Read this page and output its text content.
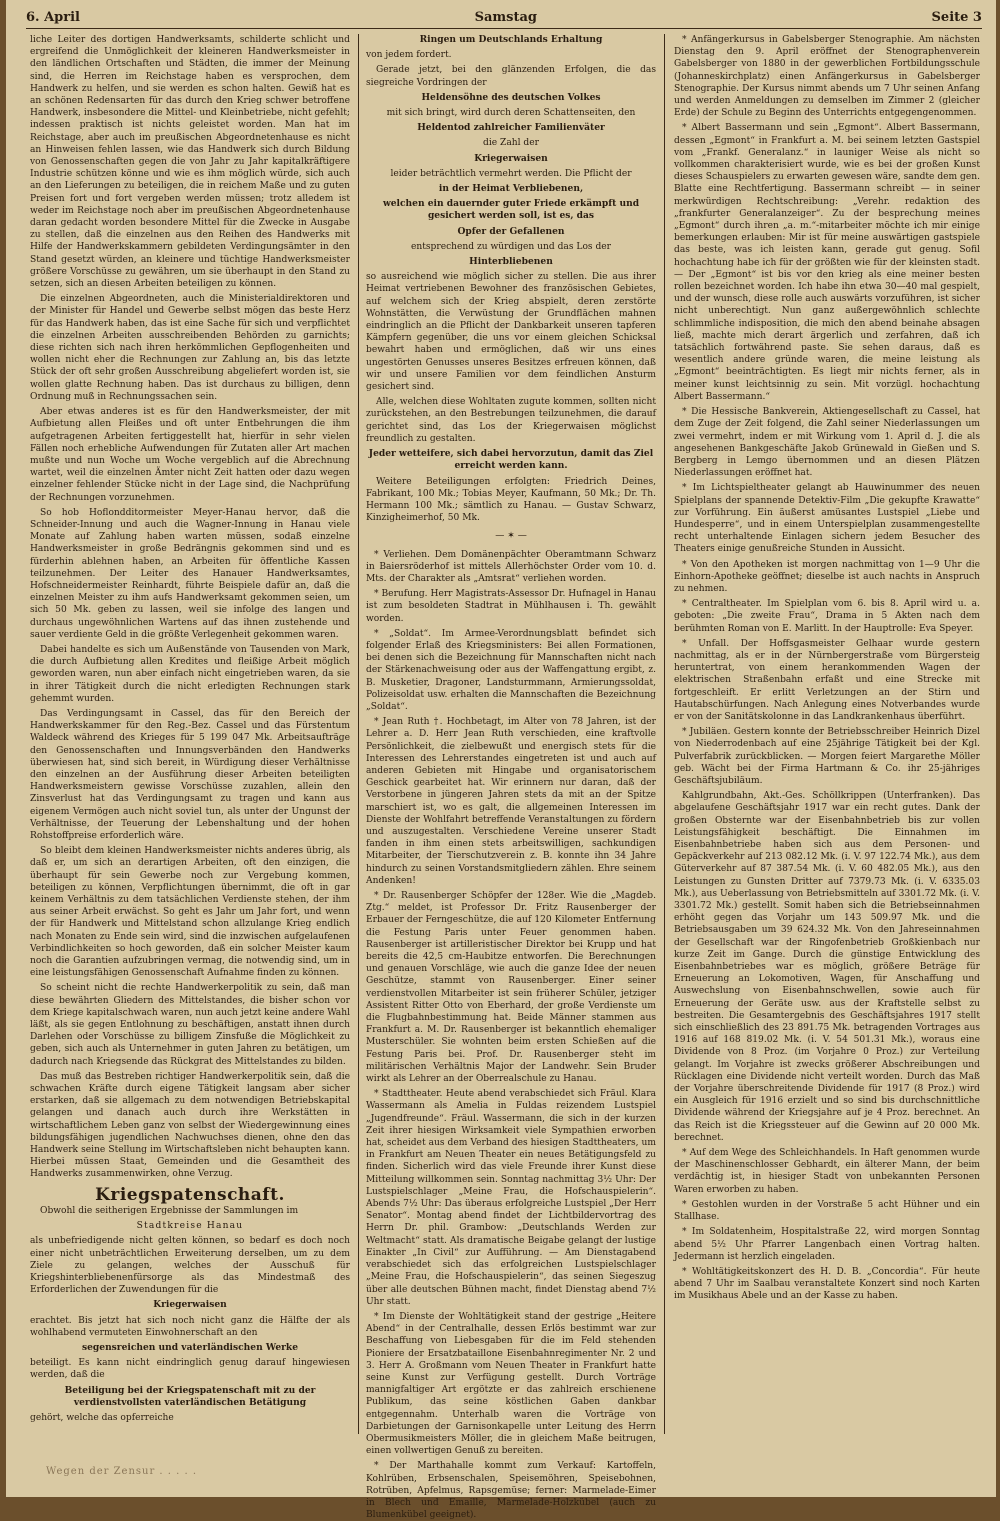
6. April	Samstag	Seite 3

liche Leiter des dortigen Handwerksamts, schilderte schlicht und ergreifend die Unmöglichkeit der kleineren Handwerksmeister in den ländlichen Ortschaften und Städten, die immer der Meinung sind, die Herren im Reichstage haben es versprochen, dem Handwerk zu helfen, und sie werden es schon halten. Gewiß hat es an schönen Redensarten für das durch den Krieg schwer betroffene Handwerk, insbesondere die Mittel- und Kleinbetriebe, nicht gefehlt; indessen praktisch ist nichts geleistet worden. Man hat im Reichstage, aber auch im preußischen Abgeordnetenhause es nicht an Hinweisen fehlen lassen, wie das Handwerk sich durch Bildung von Genossenschaften gegen die von Jahr zu Jahr kapitalkräftigere Industrie schützen könne und wie es ihm möglich würde, sich auch an den Lieferungen zu beteiligen, die in reichem Maße und zu guten Preisen fort und fort vergeben werden müssen; trotz alledem ist weder im Reichstage noch aber im preußischen Abgeordnetenhause daran gedacht worden besondere Mittel für die Zwecke in Ausgabe zu stellen, daß die einzelnen aus den Reihen des Handwerks mit Hilfe der Handwerkskammern gebildeten Verdingungsämter in den Stand gesetzt würden, an kleinere und tüchtige Handwerksmeister größere Vorschüsse zu gewähren, um sie überhaupt in den Stand zu setzen, sich an diesen Arbeiten beteiligen zu können.

Die einzelnen Abgeordneten, auch die Ministerialdirektoren und der Minister für Handel und Gewerbe selbst mögen das beste Herz für das Handwerk haben, das ist eine Sache für sich und verpflichtet die einzelnen Arbeiten ausschreibenden Behörden zu garnichts; diese richten sich nach ihren herkömmlichen Gepflogenheiten und wollen nicht eher die Rechnungen zur Zahlung an, bis das letzte Stück der oft sehr großen Ausschreibung abgeliefert worden ist, sie wollen glatte Rechnung haben. Das ist durchaus zu billigen, denn Ordnung muß in Rechnungssachen sein.

Aber etwas anderes ist es für den Handwerksmeister, der mit Aufbietung allen Fleißes und oft unter Entbehrungen die ihm aufgetragenen Arbeiten fertiggestellt hat, hierfür in sehr vielen Fällen noch erhebliche Aufwendungen für Zutaten aller Art machen mußte und nun Woche um Woche vergeblich auf die Abrechnung wartet, weil die einzelnen Ämter nicht Zeit hatten oder dazu wegen einzelner fehlender Stücke nicht in der Lage sind, die Nachprüfung der Rechnungen vorzunehmen.

So hob Hoflondditormeister Meyer-Hanau hervor, daß die Schneider-Innung und auch die Wagner-Innung in Hanau viele Monate auf Zahlung haben warten müssen, sodaß einzelne Handwerksmeister in große Bedrängnis gekommen sind und es fürderhin ablehnen haben, an Arbeiten für öffentliche Kassen teilzunehmen. Der Leiter des Hanauer Handwerksamtes, Hofschneidermeister Reinhardt, führte Beispiele dafür an, daß die einzelnen Meister zu ihm aufs Handwerksamt gekommen seien, um sich 50 Mk. geben zu lassen, weil sie infolge des langen und durchaus ungewöhnlichen Wartens auf das ihnen zustehende und sauer verdiente Geld in die größte Verlegenheit gekommen waren.

Dabei handelte es sich um Außenstände von Tausenden von Mark, die durch Aufbietung allen Kredites und fleißige Arbeit möglich geworden waren, nun aber einfach nicht eingetrieben waren, da sie in ihrer Tätigkeit durch die nicht erledigten Rechnungen stark gehemmt wurden.

Das Verdingungsamt in Cassel, das für den Bereich der Handwerkskammer für den Reg.-Bez. Cassel und das Fürstentum Waldeck während des Krieges für 5 199 047 Mk. Arbeitsaufträge den Genossenschaften und Innungsverbänden den Handwerks überwiesen hat, sind sich bereit, in Würdigung dieser Verhältnisse den einzelnen an der Ausführung dieser Arbeiten beteiligten Handwerksmeistern gewisse Vorschüsse zuzahlen, allein den Zinsverlust hat das Verdingungsamt zu tragen und kann aus eigenem Vermögen auch nicht soviel tun, als unter der Ungunst der Verhältnisse, der Teuerung der Lebenshaltung und der hohen Rohstoffpreise erforderlich wäre.

So bleibt dem kleinen Handwerksmeister nichts anderes übrig, als daß er, um sich an derartigen Arbeiten, oft den einzigen, die überhaupt für sein Gewerbe noch zur Vergebung kommen, beteiligen zu können, Verpflichtungen übernimmt, die oft in gar keinem Verhältnis zu dem tatsächlichen Verdienste stehen, der ihm aus seiner Arbeit erwächst. So geht es Jahr um Jahr fort, und wenn der für Handwerk und Mittelstand schon allzulange Krieg endlich nach Monaten zu Ende sein wird, sind die inzwischen aufgelaufenen Verbindlichkeiten so hoch geworden, daß ein solcher Meister kaum noch die Garantien aufzubringen vermag, die notwendig sind, um in eine leistungsfähigen Genossenschaft Aufnahme finden zu können.

So scheint nicht die rechte Handwerkerpolitik zu sein, daß man diese bewährten Gliedern des Mittelstandes, die bisher schon vor dem Kriege kapitalschwach waren, nun auch jetzt keine andere Wahl läßt, als sie gegen Entlohnung zu beschäftigen, anstatt ihnen durch Darlehen oder Vorschüsse zu billigem Zinsfuße die Möglichkeit zu geben, sich auch als Unternehmer in guten Jahren zu betätigen, um dadurch nach Kriegsende das Rückgrat des Mittelstandes zu bilden.

Das muß das Bestreben richtiger Handwerkerpolitik sein, daß die schwachen Kräfte durch eigene Tätigkeit langsam aber sicher erstarken, daß sie allgemach zu dem notwendigen Betriebskapital gelangen und danach auch durch ihre Werkstätten in wirtschaftlichem Leben ganz von selbst der Wiedergewinnung eines bildungsfähigen jugendlichen Nachwuchses dienen, ohne den das Handwerk seine Stellung im Wirtschaftsleben nicht behaupten kann. Hierbei müssen Staat, Gemeinden und die Gesamtheit des Handwerks zusammenwirken, ohne Verzug.

Kriegspatenschaft.

Obwohl die seitherigen Ergebnisse der Sammlungen im

Stadtkreise Hanau

als unbefriedigende nicht gelten können, so bedarf es doch noch einer nicht unbeträchtlichen Erweiterung derselben, um zu dem Ziele zu gelangen, welches der Ausschuß für Kriegshinterbliebenenfürsorge als das Mindestmaß des Erforderlichen der Zuwendungen für die

Kriegerwaisen

erachtet. Bis jetzt hat sich noch nicht ganz die Hälfte der als wohlhabend vermuteten Einwohnerschaft an den

segensreichen und vaterländischen Werke

beteiligt. Es kann nicht eindringlich genug darauf hingewiesen werden, daß die

Beteiligung bei der Kriegspatenschaft mit zu der verdienstvollsten vaterländischen Betätigung

gehört, welche das opferreiche

Ringen um Deutschlands Erhaltung

von jedem fordert.

Gerade jetzt, bei den glänzenden Erfolgen, die das siegreiche Vordringen der

Heldensöhne des deutschen Volkes

mit sich bringt, wird durch deren Schattenseiten, den

Heldentod zahlreicher Familienväter

die Zahl der

Kriegerwaisen

leider beträchtlich vermehrt werden. Die Pflicht der

in der Heimat Verbliebenen,

welchen ein dauernder guter Friede erkämpft und gesichert werden soll, ist es, das

Opfer der Gefallenen

entsprechend zu würdigen und das Los der

Hinterbliebenen

so ausreichend wie möglich sicher zu stellen. Die aus ihrer Heimat vertriebenen Bewohner des französischen Gebietes, auf welchem sich der Krieg abspielt, deren zerstörte Wohnstätten, die Verwüstung der Grundflächen mahnen eindringlich an die Pflicht der Dankbarkeit unseren tapferen Kämpfern gegenüber, die uns vor einem gleichen Schicksal bewahrt haben und ermöglichen, daß wir uns eines ungestörten Genusses unseres Besitzes erfreuen können, daß wir und unsere Familien vor dem feindlichen Ansturm gesichert sind.

Alle, welchen diese Wohltaten zugute kommen, sollten nicht zurückstehen, an den Bestrebungen teilzunehmen, die darauf gerichtet sind, das Los der Kriegerwaisen möglichst freundlich zu gestalten.

Jeder wetteifere, sich dabei hervorzutun, damit das Ziel erreicht werden kann.

Weitere Beteiligungen erfolgten: Friedrich Deines, Fabrikant, 100 Mk.; Tobias Meyer, Kaufmann, 50 Mk.; Dr. Th. Hermann 100 Mk.; sämtlich zu Hanau. — Gustav Schwarz, Kinzigheimerhof, 50 Mk.

— ✶ —

* Verliehen. Dem Domänenpächter Oberamtmann Schwarz in Baiersröderhof ist mittels Allerhöchster Order vom 10. d. Mts. der Charakter als „Amtsrat“ verliehen worden.

* Berufung. Herr Magistrats-Assessor Dr. Hufnagel in Hanau ist zum besoldeten Stadtrat in Mühlhausen i. Th. gewählt worden.

* „Soldat“. Im Armee-Verordnungsblatt befindet sich folgender Erlaß des Kriegsministers: Bei allen Formationen, bei denen sich die Bezeichnung für Mannschaften nicht nach der Stärkenachweisung oder aus der Waffengattung ergibt, z. B. Musketier, Dragoner, Landsturmmann, Armierungssoldat, Polizeisoldat usw. erhalten die Mannschaften die Bezeichnung „Soldat“.

* Jean Ruth †. Hochbetagt, im Alter von 78 Jahren, ist der Lehrer a. D. Herr Jean Ruth verschieden, eine kraftvolle Persönlichkeit, die zielbewußt und energisch stets für die Interessen des Lehrerstandes eingetreten ist und auch auf anderen Gebieten mit Hingabe und organisatorischem Geschick gearbeitet hat. Wir erinnern nur daran, daß der Verstorbene in jüngeren Jahren stets da mit an der Spitze marschiert ist, wo es galt, die allgemeinen Interessen im Dienste der Wohlfahrt betreffende Veranstaltungen zu fördern und auszugestalten. Verschiedene Vereine unserer Stadt fanden in ihm einen stets arbeitswilligen, sachkundigen Mitarbeiter, der Tierschutzverein z. B. konnte ihn 34 Jahre hindurch zu seinen Vorstandsmitgliedern zählen. Ehre seinem Andenken!

* Dr. Rausenberger Schöpfer der 128er. Wie die „Magdeb. Ztg.“ meldet, ist Professor Dr. Fritz Rausenberger der Erbauer der Ferngeschütze, die auf 120 Kilometer Entfernung die Festung Paris unter Feuer genommen haben. Rausenberger ist artilleristischer Direktor bei Krupp und hat bereits die 42,5 cm-Haubitze entworfen. Die Berechnungen und genauen Vorschläge, wie auch die ganze Idee der neuen Geschütze, stammt von Rausenberger. Einer seiner verdienstvollen Mitarbeiter ist sein früherer Schüler, jetziger Assistent Ritter Otto von Eberhard, der große Verdienste um die Flugbahnbestimmung hat. Beide Männer stammen aus Frankfurt a. M. Dr. Rausenberger ist bekanntlich ehemaliger Musterschüler. Sie wohnten beim ersten Schießen auf die Festung Paris bei. Prof. Dr. Rausenberger steht im militärischen Verhältnis Major der Landwehr. Sein Bruder wirkt als Lehrer an der Oberrealschule zu Hanau.

* Stadttheater. Heute abend verabschiedet sich Fräul. Klara Wassermann als Amelia in Fuldas reizendem Lustspiel „Jugendfreunde“. Fräul. Wassermann, die sich in der kurzen Zeit ihrer hiesigen Wirksamkeit viele Sympathien erworben hat, scheidet aus dem Verband des hiesigen Stadttheaters, um in Frankfurt am Neuen Theater ein neues Betätigungsfeld zu finden. Sicherlich wird das viele Freunde ihrer Kunst diese Mitteilung willkommen sein. Sonntag nachmittag 3½ Uhr: Der Lustspielschlager „Meine Frau, die Hofschauspielerin“. Abends 7½ Uhr: Das überaus erfolgreiche Lustspiel „Der Herr Senator“. Montag abend findet der Lichtbildervortrag des Herrn Dr. phil. Grambow: „Deutschlands Werden zur Weltmacht“ statt. Als dramatische Beigabe gelangt der lustige Einakter „In Civil“ zur Aufführung. — Am Dienstagabend verabschiedet sich das erfolgreichen Lustspielschlager „Meine Frau, die Hofschauspielerin“, das seinen Siegeszug über alle deutschen Bühnen macht, findet Dienstag abend 7½ Uhr statt.

* Im Dienste der Wohltätigkeit stand der gestrige „Heitere Abend“ in der Centralhalle, dessen Erlös bestimmt war zur Beschaffung von Liebesgaben für die im Feld stehenden Pioniere der Ersatzbataillone Eisenbahnregimenter Nr. 2 und 3. Herr A. Großmann vom Neuen Theater in Frankfurt hatte seine Kunst zur Verfügung gestellt. Durch Vorträge mannigfaltiger Art ergötzte er das zahlreich erschienene Publikum, das seine köstlichen Gaben dankbar entgegennahm. Unterhalb waren die Vorträge von Darbietungen der Garnisonkapelle unter Leitung des Herrn Obermusikmeisters Möller, die in gleichem Maße beitrugen, einen vollwertigen Genuß zu bereiten.

* Der Marthahalle kommt zum Verkauf: Kartoffeln, Kohlrüben, Erbsenschalen, Speisemöhren, Speisebohnen, Rotrüben, Apfelmus, Rapsgemüse; ferner: Marmelade-Eimer in Blech und Emaille, Marmelade-Holzkübel (auch zu Blumenkübel geeignet).

* Anfängerkursus in Gabelsberger Stenographie. Am nächsten Dienstag den 9. April eröffnet der Stenographenverein Gabelsberger von 1880 in der gewerblichen Fortbildungsschule (Johanneskirchplatz) einen Anfängerkursus in Gabelsberger Stenographie. Der Kursus nimmt abends um 7 Uhr seinen Anfang und werden Anmeldungen zu demselben im Zimmer 2 (gleicher Erde) der Schule zu Beginn des Unterrichts entgegengenommen.

* Albert Bassermann und sein „Egmont“. Albert Bassermann, dessen „Egmont“ in Frankfurt a. M. bei seinem letzten Gastspiel vom „Frankf. Generalanz.“ in launiger Weise als nicht so vollkommen charakterisiert wurde, wie es bei der großen Kunst dieses Schauspielers zu erwarten gewesen wäre, sandte dem gen. Blatte eine Rechtfertigung. Bassermann schreibt — in seiner merkwürdigen Rechtschreibung: „Verehr. redaktion des „frankfurter Generalanzeiger“. Zu der besprechung meines „Egmont“ durch ihren „a. m.“-mitarbeiter möchte ich mir einige bemerkungen erlauben: Mir ist für meine auswärtigen gastspiele das beste, was ich leisten kann, gerade gut genug. Sofil hochachtung habe ich für der größten wie für der kleinsten stadt. — Der „Egmont“ ist bis vor den krieg als eine meiner besten rollen bezeichnet worden. Ich habe ihn etwa 30—40 mal gespielt, und der wunsch, diese rolle auch auswärts vorzuführen, ist sicher nicht unberechtigt. Nun ganz außergewöhnlich schlechte schlimmliche indisposition, die mich den abend beinahe absagen ließ, machte mich derart ärgerlich und zerfahren, daß ich tatsächlich fortwährend paste. Sie sehen daraus, daß es wesentlich andere gründe waren, die meine leistung als „Egmont“ beeinträchtigten. Es liegt mir nichts ferner, als in meiner kunst leichtsinnig zu sein. Mit vorzügl. hochachtung Albert Bassermann.“

* Die Hessische Bankverein, Aktiengesellschaft zu Cassel, hat dem Zuge der Zeit folgend, die Zahl seiner Niederlassungen um zwei vermehrt, indem er mit Wirkung vom 1. April d. J. die als angesehenen Bankgeschäfte Jakob Grünewald in Gießen und S. Bergberg in Lemgo übernommen und an diesen Plätzen Niederlassungen eröffnet hat.

* Im Lichtspieltheater gelangt ab Hauwinummer des neuen Spielplans der spannende Detektiv-Film „Die gekupfte Krawatte“ zur Vorführung. Ein äußerst amüsantes Lustspiel „Liebe und Hundesperre“, und in einem Unterspielplan zusammengestellte recht unterhaltende Einlagen sichern jedem Besucher des Theaters einige genußreiche Stunden in Aussicht.

* Von den Apotheken ist morgen nachmittag von 1—9 Uhr die Einhorn-Apotheke geöffnet; dieselbe ist auch nachts in Anspruch zu nehmen.

* Centraltheater. Im Spielplan vom 6. bis 8. April wird u. a. geboten: „Die zweite Frau“, Drama in 5 Akten nach dem berühmten Roman von E. Marlitt. In der Hauptrolle: Eva Speyer.

* Unfall. Der Hoffsgasmeister Gelhaar wurde gestern nachmittag, als er in der Nürnbergerstraße vom Bürgersteig heruntertrat, von einem herankommenden Wagen der elektrischen Straßenbahn erfaßt und eine Strecke mit fortgeschleift. Er erlitt Verletzungen an der Stirn und Hautabschürfungen. Nach Anlegung eines Notverbandes wurde er von der Sanitätskolonne in das Landkrankenhaus überführt.

* Jubiläen. Gestern konnte der Betriebsschreiber Heinrich Dizel von Niederrodenbach auf eine 25jährige Tätigkeit bei der Kgl. Pulverfabrik zurückblicken. — Morgen feiert Margarethe Möller geb. Wächt bei der Firma Hartmann & Co. ihr 25-jähriges Geschäftsjubiläum.

Kahlgrundbahn, Akt.-Ges. Schöllkrippen (Unterfranken). Das abgelaufene Geschäftsjahr 1917 war ein recht gutes. Dank der großen Obsternte war der Eisenbahnbetrieb bis zur vollen Leistungsfähigkeit beschäftigt. Die Einnahmen im Eisenbahnbetriebe haben sich aus dem Personen- und Gepäckverkehr auf 213 082.12 Mk. (i. V. 97 122.74 Mk.), aus dem Güterverkehr auf 87 387.54 Mk. (i. V. 60 482.05 Mk.), aus den Leistungen zu Gunsten Dritter auf 7379.73 Mk. (i. V. 6335.03 Mk.), aus Ueberlassung von Betriebsmitteln auf 3301.72 Mk. (i. V. 3301.72 Mk.) gestellt. Somit haben sich die Betriebseinnahmen erhöht gegen das Vorjahr um 143 509.97 Mk. und die Betriebsausgaben um 39 624.32 Mk. Von den Jahreseinnahmen der Gesellschaft war der Ringofenbetrieb Großkienbach nur kurze Zeit im Gange. Durch die günstige Entwicklung des Eisenbahnbetriebes war es möglich, größere Beträge für Erneuerung an Lokomotiven, Wagen, für Anschaffung und Auswechslung von Eisenbahnschwellen, sowie auch für Erneuerung der Geräte usw. aus der Kraftstelle selbst zu bestreiten. Die Gesamtergebnis des Geschäftsjahres 1917 stellt sich einschließlich des 23 891.75 Mk. betragenden Vortrages aus 1916 auf 168 819.02 Mk. (i. V. 54 501.31 Mk.), woraus eine Dividende von 8 Proz. (im Vorjahre 0 Proz.) zur Verteilung gelangt. Im Vorjahre ist zwecks größerer Abschreibungen und Rücklagen eine Dividende nicht verteilt worden. Durch das Maß der Vorjahre überschreitende Dividende für 1917 (8 Proz.) wird ein Ausgleich für 1916 erzielt und so sind bis durchschnittliche Dividende während der Kriegsjahre auf je 4 Proz. berechnet. An das Reich ist die Kriegssteuer auf die Gewinn auf 20 000 Mk. berechnet.

* Auf dem Wege des Schleichhandels. In Haft genommen wurde der Maschinenschlosser Gebhardt, ein älterer Mann, der beim verdächtig ist, in hiesiger Stadt von unbekannten Personen Waren erworben zu haben.

* Gestohlen wurden in der Vorstraße 5 acht Hühner und ein Stallhase.

* Im Soldatenheim, Hospitalstraße 22, wird morgen Sonntag abend 5½ Uhr Pfarrer Langenbach einen Vortrag halten. Jedermann ist herzlich eingeladen.

* Wohltätigkeitskonzert des H. D. B. „Concordia“. Für heute abend 7 Uhr im Saalbau veranstaltete Konzert sind noch Karten im Musikhaus Abele und an der Kasse zu haben.

Wegen der Zensur . . . . .
